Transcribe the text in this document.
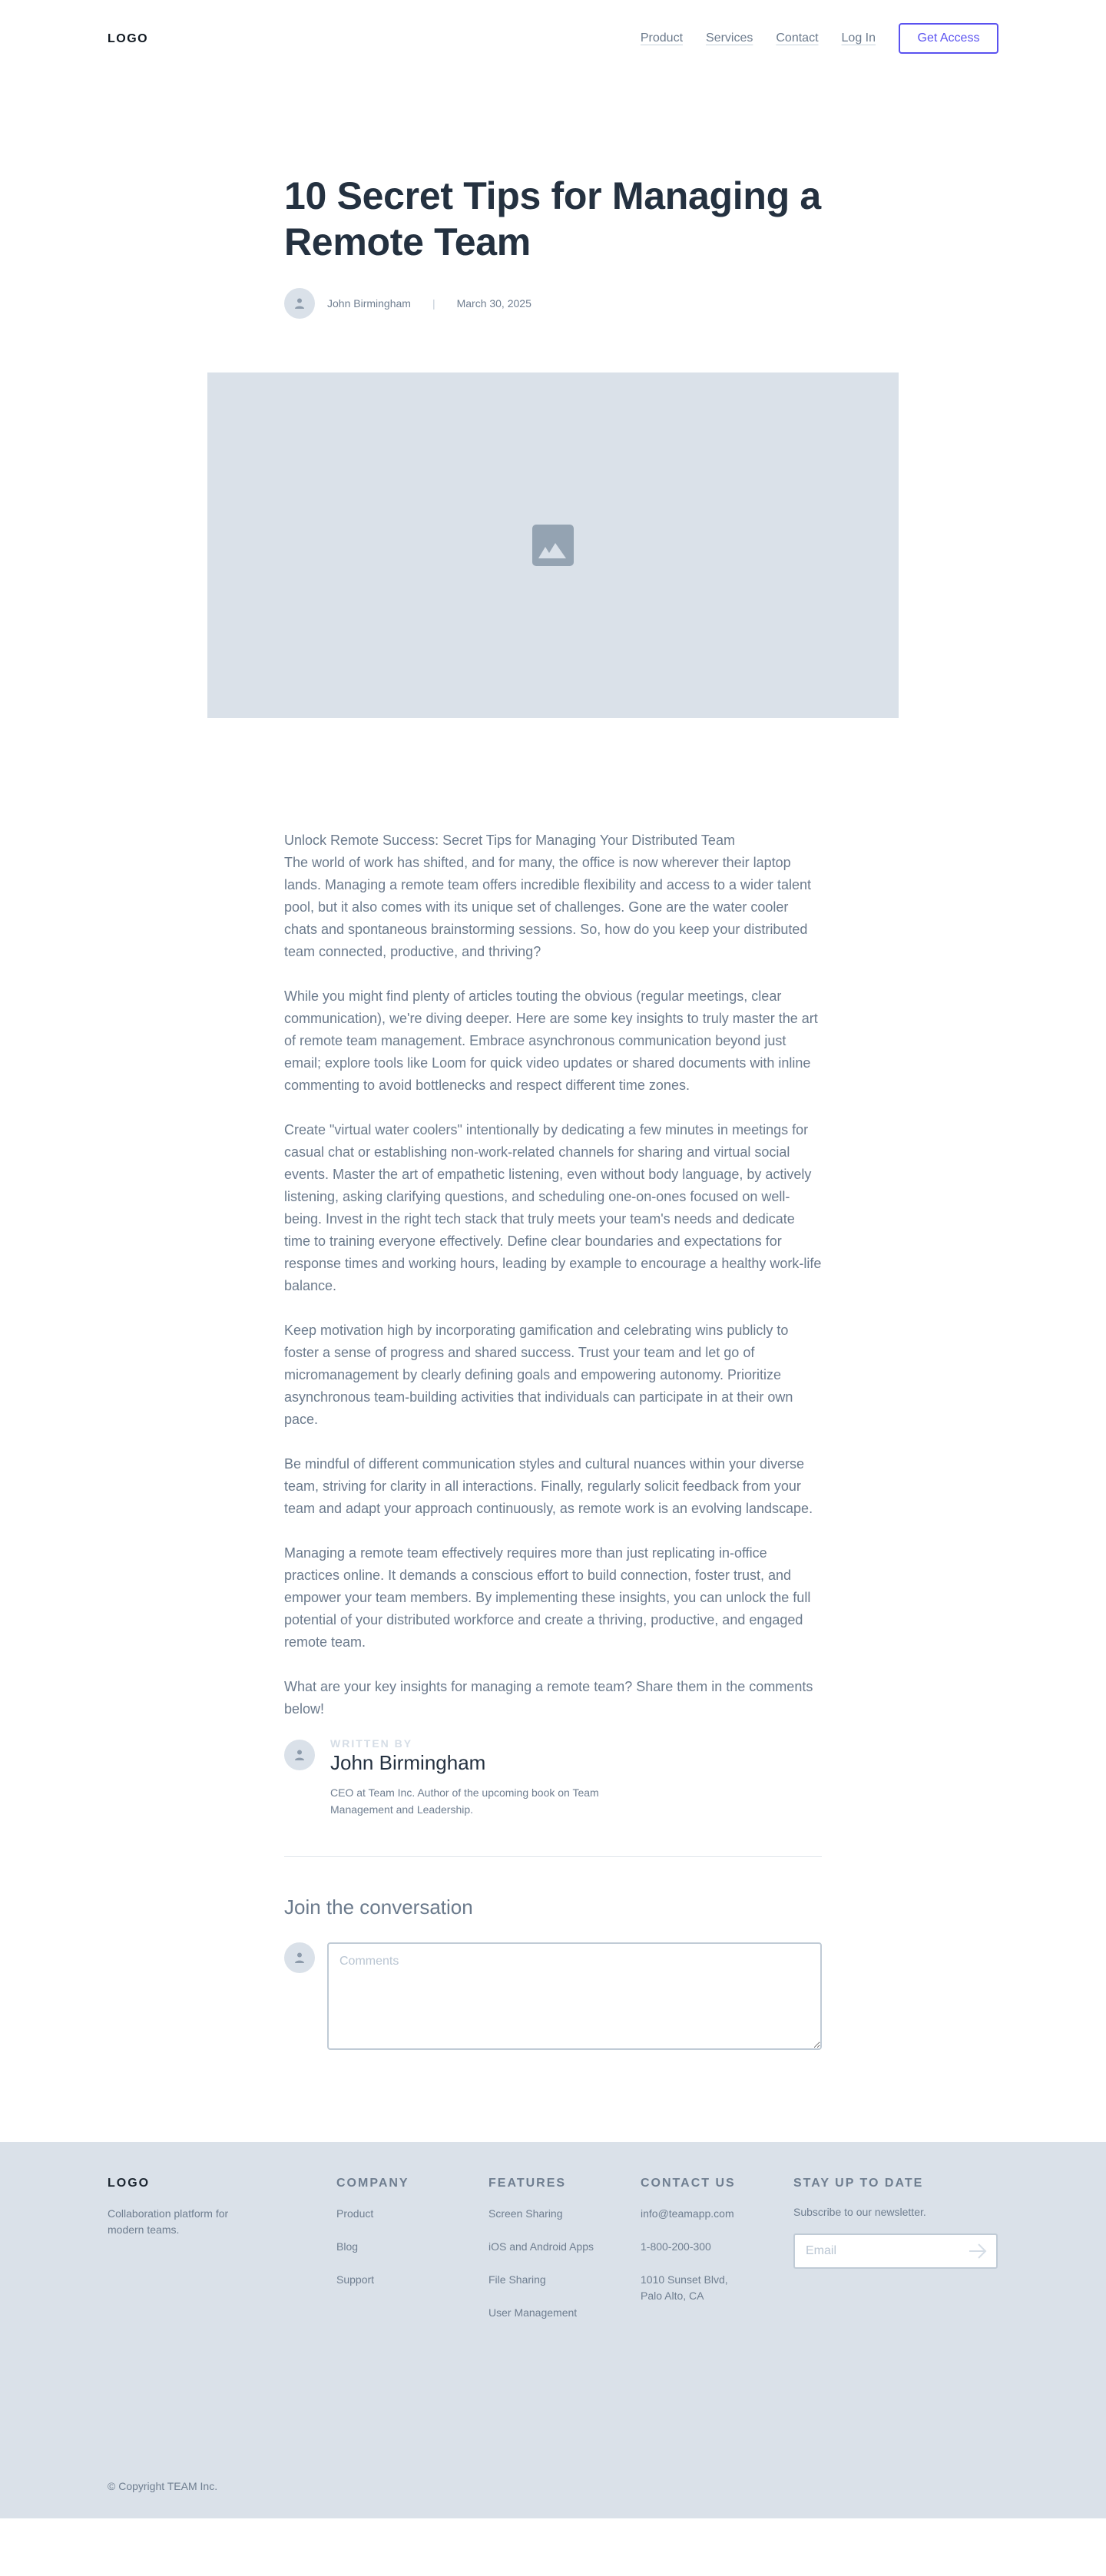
LOGO	Product Services Contact Log In	Get Access
10 Secret Tips for Managing a Remote Team
John Birmingham | March 30, 2025

Unlock Remote Success: Secret Tips for Managing Your Distributed Team
The world of work has shifted, and for many, the office is now wherever their laptop lands. Managing a remote team offers incredible flexibility and access to a wider talent pool, but it also comes with its unique set of challenges. Gone are the water cooler chats and spontaneous brainstorming sessions. So, how do you keep your distributed team connected, productive, and thriving?

While you might find plenty of articles touting the obvious (regular meetings, clear communication), we're diving deeper. Here are some key insights to truly master the art of remote team management. Embrace asynchronous communication beyond just email; explore tools like Loom for quick video updates or shared documents with inline commenting to avoid bottlenecks and respect different time zones.

Create "virtual water coolers" intentionally by dedicating a few minutes in meetings for casual chat or establishing non-work-related channels for sharing and virtual social events. Master the art of empathetic listening, even without body language, by actively listening, asking clarifying questions, and scheduling one-on-ones focused on well-being. Invest in the right tech stack that truly meets your team's needs and dedicate time to training everyone effectively. Define clear boundaries and expectations for response times and working hours, leading by example to encourage a healthy work-life balance.

Keep motivation high by incorporating gamification and celebrating wins publicly to foster a sense of progress and shared success. Trust your team and let go of micromanagement by clearly defining goals and empowering autonomy. Prioritize asynchronous team-building activities that individuals can participate in at their own pace.

Be mindful of different communication styles and cultural nuances within your diverse team, striving for clarity in all interactions. Finally, regularly solicit feedback from your team and adapt your approach continuously, as remote work is an evolving landscape.

Managing a remote team effectively requires more than just replicating in-office practices online. It demands a conscious effort to build connection, foster trust, and empower your team members. By implementing these insights, you can unlock the full potential of your distributed workforce and create a thriving, productive, and engaged remote team.

What are your key insights for managing a remote team? Share them in the comments below!

WRITTEN BY
John Birmingham
CEO at Team Inc. Author of the upcoming book on Team Management and Leadership.
Join the conversation
Comments
LOGO
Collaboration platform for modern teams.
COMPANY
Product
Blog
Support
FEATURES
Screen Sharing
iOS and Android Apps
File Sharing
User Management
CONTACT US
info@teamapp.com
1-800-200-300
1010 Sunset Blvd, Palo Alto, CA
STAY UP TO DATE
Subscribe to our newsletter.
Email
© Copyright TEAM Inc.
